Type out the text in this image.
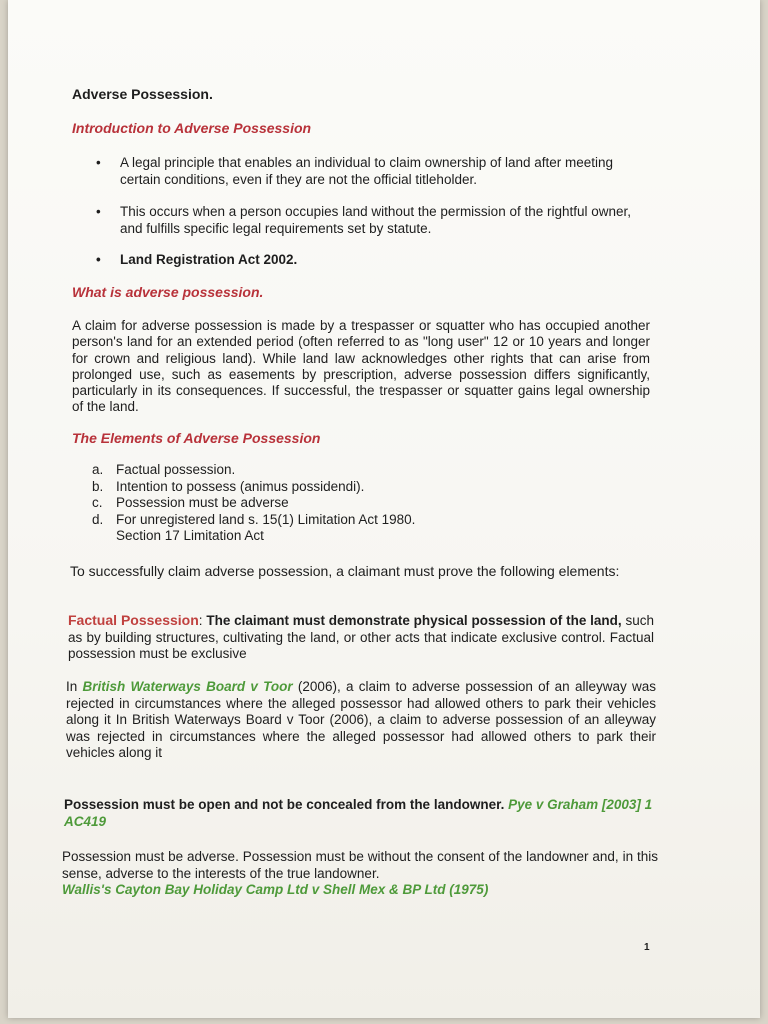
Adverse Possession.
Introduction to Adverse Possession
• A legal principle that enables an individual to claim ownership of land after meeting certain conditions, even if they are not the official titleholder.
• This occurs when a person occupies land without the permission of the rightful owner, and fulfills specific legal requirements set by statute.
• Land Registration Act 2002.
What is adverse possession.
A claim for adverse possession is made by a trespasser or squatter who has occupied another person's land for an extended period (often referred to as "long user" 12 or 10 years and longer for crown and religious land). While land law acknowledges other rights that can arise from prolonged use, such as easements by prescription, adverse possession differs significantly, particularly in its consequences. If successful, the trespasser or squatter gains legal ownership of the land.
The Elements of Adverse Possession
a. Factual possession.
b. Intention to possess (animus possidendi).
c. Possession must be adverse
d. For unregistered land s. 15(1) Limitation Act 1980.
Section 17 Limitation Act
To successfully claim adverse possession, a claimant must prove the following elements:
Factual Possession: The claimant must demonstrate physical possession of the land, such as by building structures, cultivating the land, or other acts that indicate exclusive control. Factual possession must be exclusive
In British Waterways Board v Toor (2006), a claim to adverse possession of an alleyway was rejected in circumstances where the alleged possessor had allowed others to park their vehicles along it In British Waterways Board v Toor (2006), a claim to adverse possession of an alleyway was rejected in circumstances where the alleged possessor had allowed others to park their vehicles along it
Possession must be open and not be concealed from the landowner. Pye v Graham [2003] 1 AC419
Possession must be adverse. Possession must be without the consent of the landowner and, in this sense, adverse to the interests of the true landowner.
Wallis's Cayton Bay Holiday Camp Ltd v Shell Mex & BP Ltd (1975)
1
